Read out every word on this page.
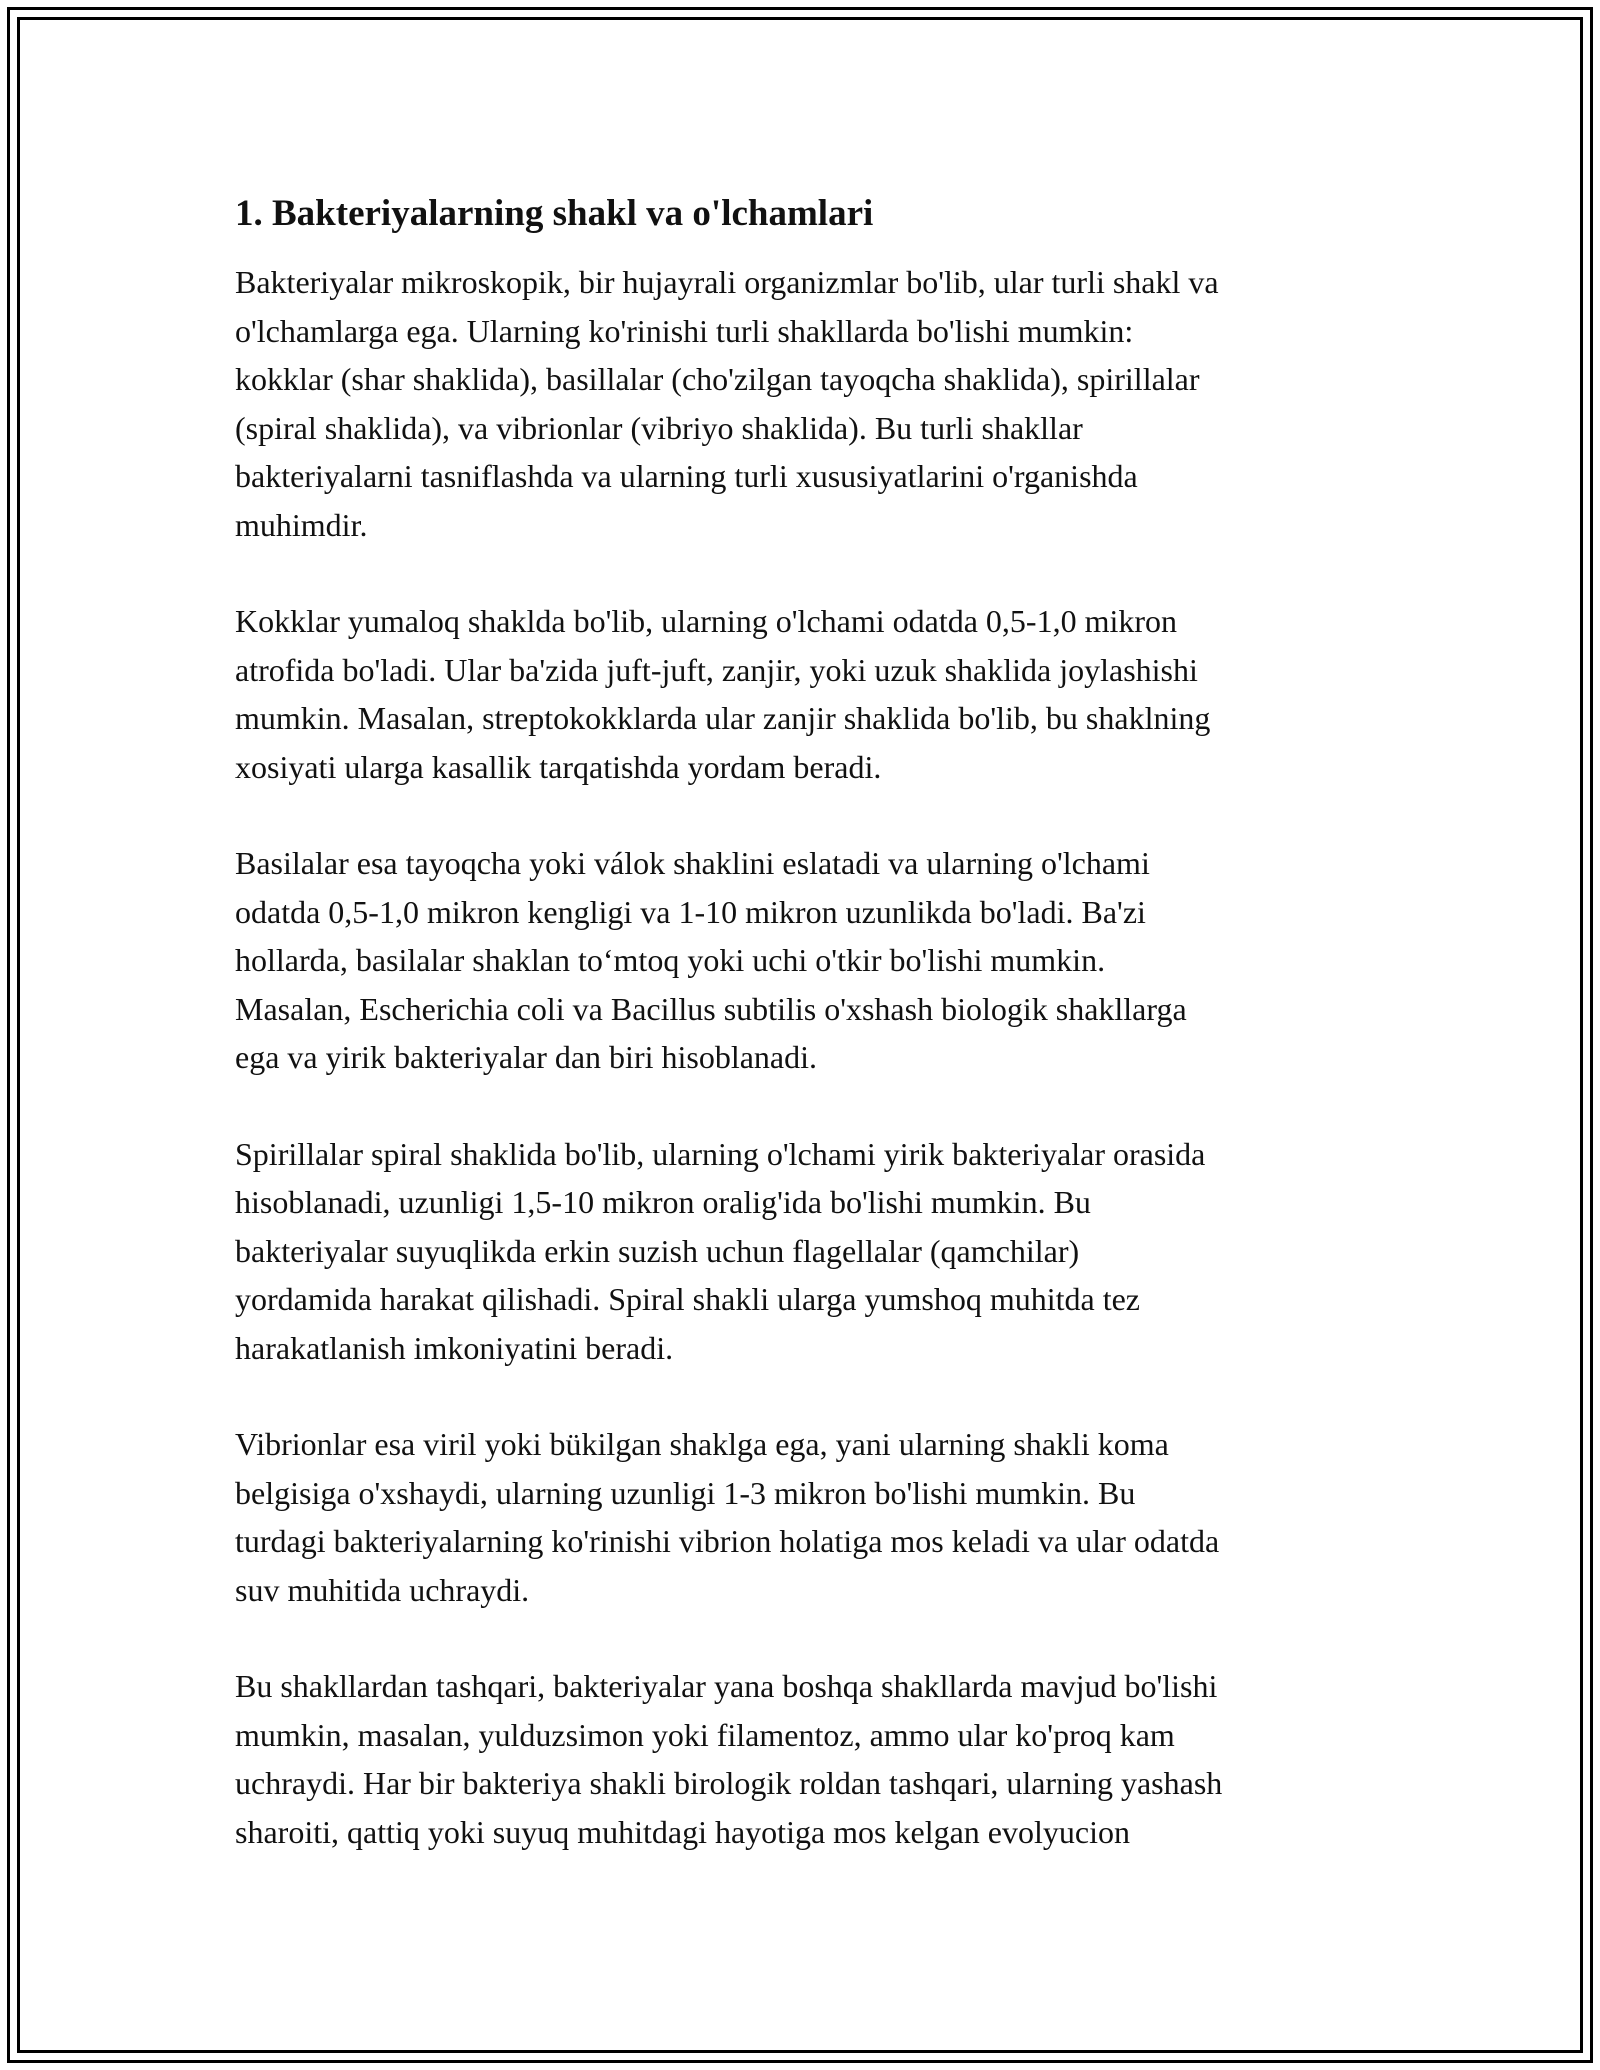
1. Bakteriyalarning shakl va o'lchamlari

Bakteriyalar mikroskopik, bir hujayrali organizmlar bo'lib, ular turli shakl va
o'lchamlarga ega. Ularning ko'rinishi turli shakllarda bo'lishi mumkin:
kokklar (shar shaklida), basillalar (cho'zilgan tayoqcha shaklida), spirillalar
(spiral shaklida), va vibrionlar (vibriyo shaklida). Bu turli shakllar
bakteriyalarni tasniflashda va ularning turli xususiyatlarini o'rganishda
muhimdir.

Kokklar yumaloq shaklda bo'lib, ularning o'lchami odatda 0,5-1,0 mikron
atrofida bo'ladi. Ular ba'zida juft-juft, zanjir, yoki uzuk shaklida joylashishi
mumkin. Masalan, streptokokklarda ular zanjir shaklida bo'lib, bu shaklning
xosiyati ularga kasallik tarqatishda yordam beradi.

Basilalar esa tayoqcha yoki válok shaklini eslatadi va ularning o'lchami
odatda 0,5-1,0 mikron kengligi va 1-10 mikron uzunlikda bo'ladi. Ba'zi
hollarda, basilalar shaklan to‘mtoq yoki uchi o'tkir bo'lishi mumkin.
Masalan, Escherichia coli va Bacillus subtilis o'xshash biologik shakllarga
ega va yirik bakteriyalar dan biri hisoblanadi.

Spirillalar spiral shaklida bo'lib, ularning o'lchami yirik bakteriyalar orasida
hisoblanadi, uzunligi 1,5-10 mikron oralig'ida bo'lishi mumkin. Bu
bakteriyalar suyuqlikda erkin suzish uchun flagellalar (qamchilar)
yordamida harakat qilishadi. Spiral shakli ularga yumshoq muhitda tez
harakatlanish imkoniyatini beradi.

Vibrionlar esa viril yoki bükilgan shaklga ega, yani ularning shakli koma
belgisiga o'xshaydi, ularning uzunligi 1-3 mikron bo'lishi mumkin. Bu
turdagi bakteriyalarning ko'rinishi vibrion holatiga mos keladi va ular odatda
suv muhitida uchraydi.

Bu shakllardan tashqari, bakteriyalar yana boshqa shakllarda mavjud bo'lishi
mumkin, masalan, yulduzsimon yoki filamentoz, ammo ular ko'proq kam
uchraydi. Har bir bakteriya shakli birologik roldan tashqari, ularning yashash
sharoiti, qattiq yoki suyuq muhitdagi hayotiga mos kelgan evolyucion
